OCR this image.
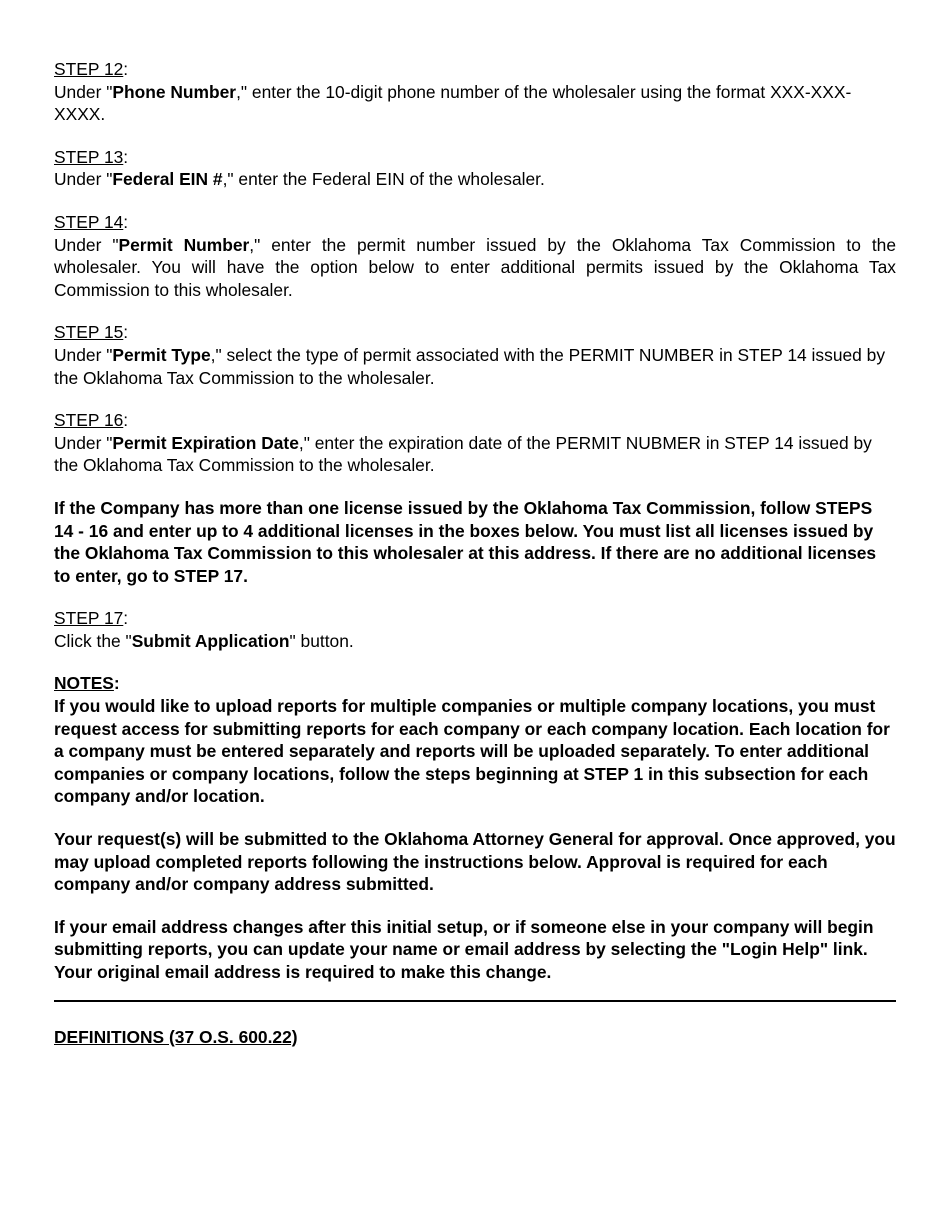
STEP 12:

Under "Phone Number," enter the 10-digit phone number of the wholesaler using the format XXX-XXX-XXXX.

STEP 13:

Under "Federal EIN #," enter the Federal EIN of the wholesaler.

STEP 14:

Under "Permit Number," enter the permit number issued by the Oklahoma Tax Commission to the wholesaler. You will have the option below to enter additional permits issued by the Oklahoma Tax Commission to this wholesaler.

STEP 15:

Under "Permit Type," select the type of permit associated with the PERMIT NUMBER in STEP 14 issued by the Oklahoma Tax Commission to the wholesaler.

STEP 16:

Under "Permit Expiration Date," enter the expiration date of the PERMIT NUBMER in STEP 14 issued by the Oklahoma Tax Commission to the wholesaler.

If the Company has more than one license issued by the Oklahoma Tax Commission, follow STEPS 14 - 16 and enter up to 4 additional licenses in the boxes below. You must list all licenses issued by the Oklahoma Tax Commission to this wholesaler at this address. If there are no additional licenses to enter, go to STEP 17.

STEP 17:

Click the "Submit Application" button.

NOTES:

If you would like to upload reports for multiple companies or multiple company locations, you must request access for submitting reports for each company or each company location. Each location for a company must be entered separately and reports will be uploaded separately. To enter additional companies or company locations, follow the steps beginning at STEP 1 in this subsection for each company and/or location.

Your request(s) will be submitted to the Oklahoma Attorney General for approval. Once approved, you may upload completed reports following the instructions below. Approval is required for each company and/or company address submitted.

If your email address changes after this initial setup, or if someone else in your company will begin submitting reports, you can update your name or email address by selecting the "Login Help" link. Your original email address is required to make this change.

DEFINITIONS (37 O.S. 600.22)
